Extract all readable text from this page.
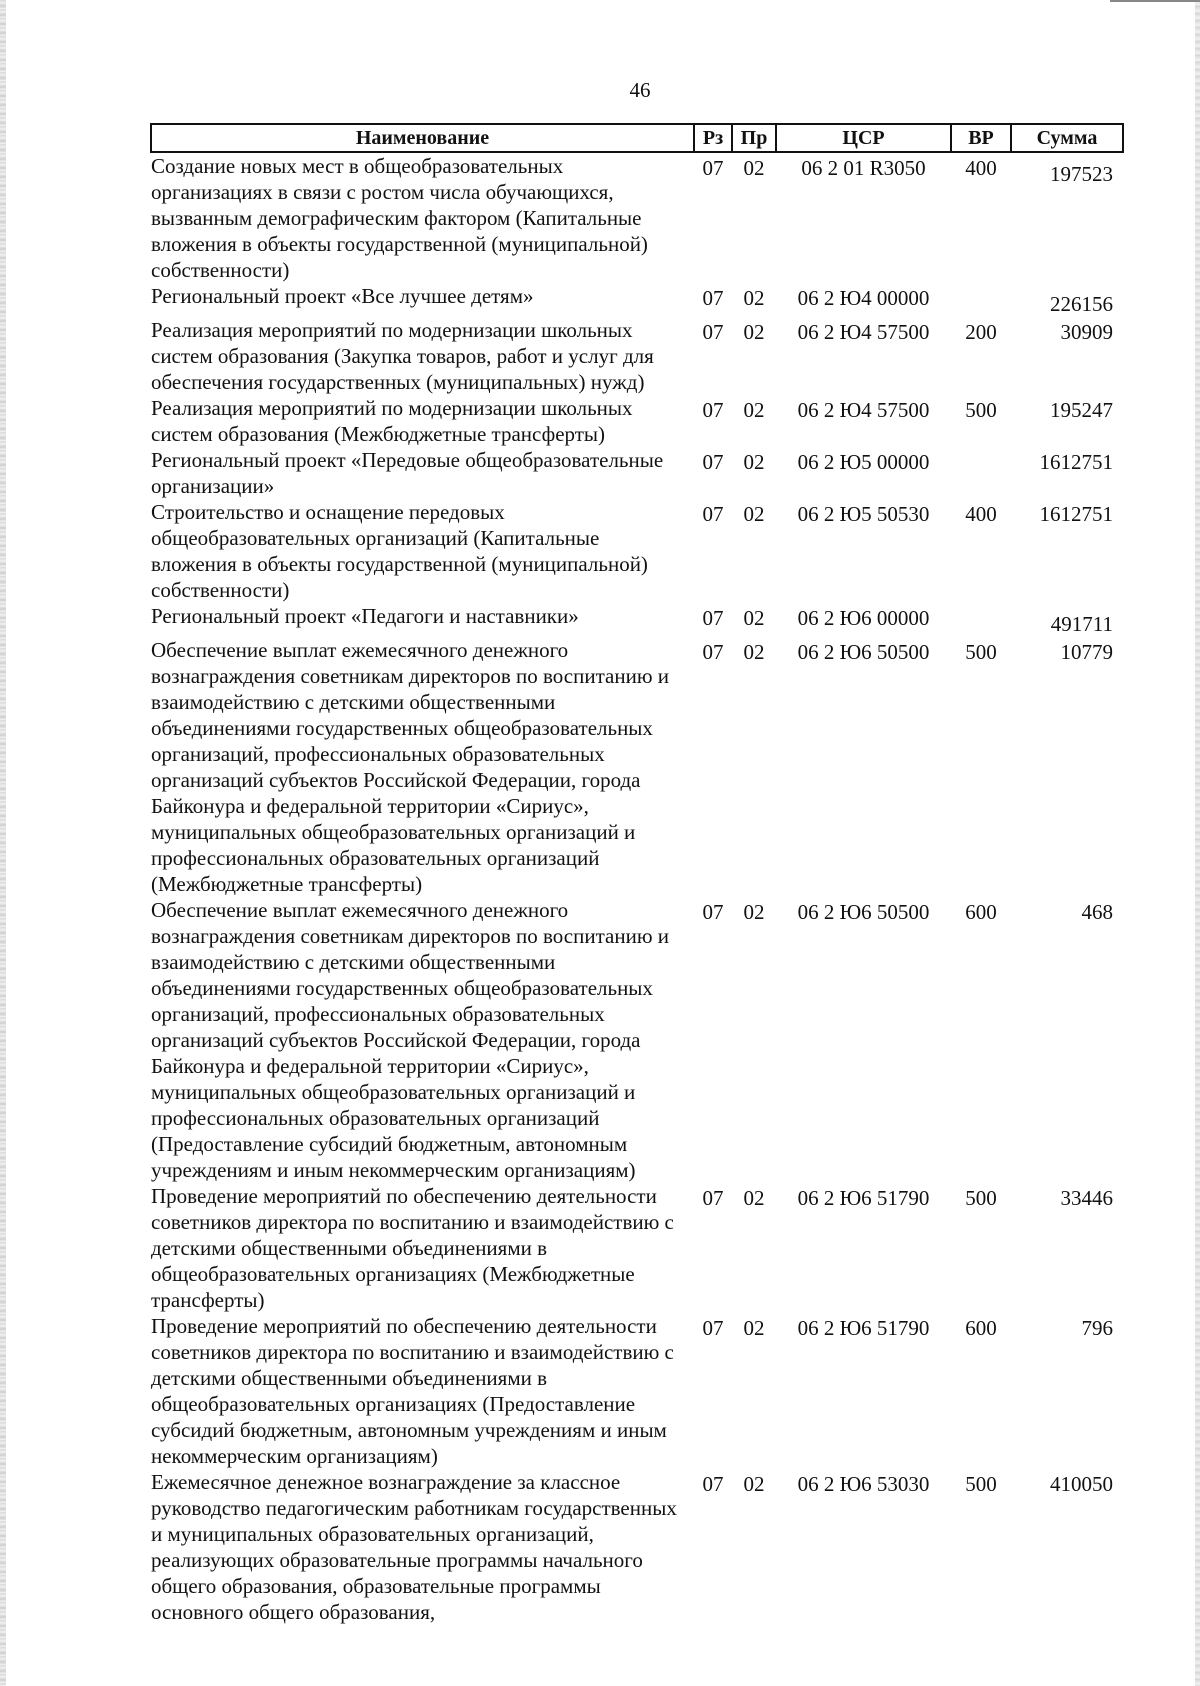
46
Наименование	Рз	Пр	ЦСР	ВР	Сумма
Создание новых мест в общеобразовательных организациях в связи с ростом числа обучающихся, вызванным демографическим фактором (Капитальные вложения в объекты государственной (муниципальной) собственности)	07	02	06 2 01 R3050	400	197523
Региональный проект «Все лучшее детям»	07	02	06 2 Ю4 00000		226156
Реализация мероприятий по модернизации школьных систем образования (Закупка товаров, работ и услуг для обеспечения государственных (муниципальных) нужд)	07	02	06 2 Ю4 57500	200	30909
Реализация мероприятий по модернизации школьных систем образования (Межбюджетные трансферты)	07	02	06 2 Ю4 57500	500	195247
Региональный проект «Передовые общеобразовательные организации»	07	02	06 2 Ю5 00000		1612751
Строительство и оснащение передовых общеобразовательных организаций (Капитальные вложения в объекты государственной (муниципальной) собственности)	07	02	06 2 Ю5 50530	400	1612751
Региональный проект «Педагоги и наставники»	07	02	06 2 Ю6 00000		491711
Обеспечение выплат ежемесячного денежного вознаграждения советникам директоров по воспитанию и взаимодействию с детскими общественными объединениями государственных общеобразовательных организаций, профессиональных образовательных организаций субъектов Российской Федерации, города Байконура и федеральной территории «Сириус», муниципальных общеобразовательных организаций и профессиональных образовательных организаций (Межбюджетные трансферты)	07	02	06 2 Ю6 50500	500	10779
Обеспечение выплат ежемесячного денежного вознаграждения советникам директоров по воспитанию и взаимодействию с детскими общественными объединениями государственных общеобразовательных организаций, профессиональных образовательных организаций субъектов Российской Федерации, города Байконура и федеральной территории «Сириус», муниципальных общеобразовательных организаций и профессиональных образовательных организаций (Предоставление субсидий бюджетным, автономным учреждениям и иным некоммерческим организациям)	07	02	06 2 Ю6 50500	600	468
Проведение мероприятий по обеспечению деятельности советников директора по воспитанию и взаимодействию с детскими общественными объединениями в общеобразовательных организациях (Межбюджетные трансферты)	07	02	06 2 Ю6 51790	500	33446
Проведение мероприятий по обеспечению деятельности советников директора по воспитанию и взаимодействию с детскими общественными объединениями в общеобразовательных организациях (Предоставление субсидий бюджетным, автономным учреждениям и иным некоммерческим организациям)	07	02	06 2 Ю6 51790	600	796
Ежемесячное денежное вознаграждение за классное руководство педагогическим работникам государственных и муниципальных образовательных организаций, реализующих образовательные программы начального общего образования, образовательные программы основного общего образования,	07	02	06 2 Ю6 53030	500	410050
